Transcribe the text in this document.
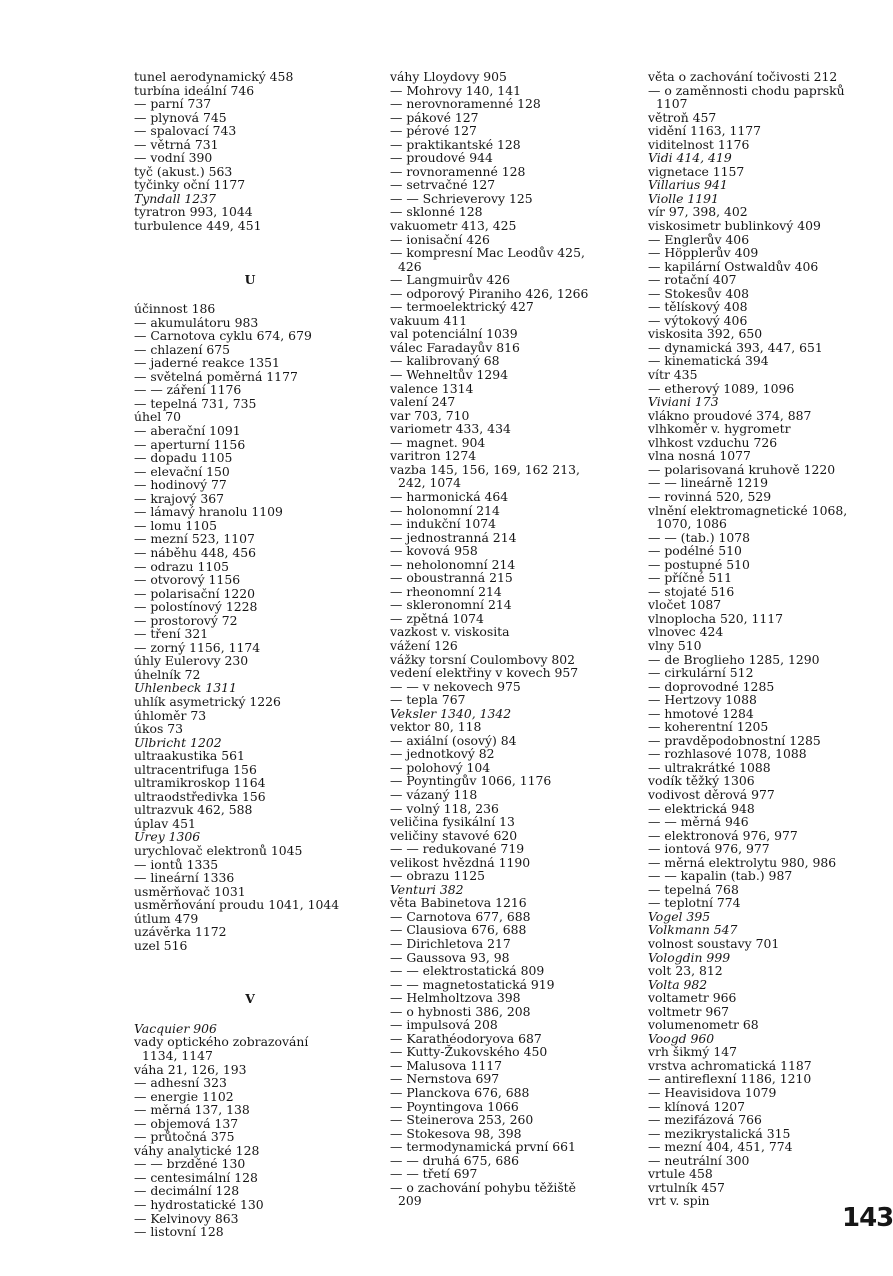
tunel aerodynamický 458
turbína ideální 746
— parní 737
— plynová 745
— spalovací 743
— větrná 731
— vodní 390
tyč (akust.) 563
tyčinky oční 1177
Tyndall 1237
tyratron 993, 1044
turbulence 449, 451
U
účinnost 186
— akumulátoru 983
— Carnotova cyklu 674, 679
— chlazení 675
— jaderné reakce 1351
— světelná poměrná 1177
— — záření 1176
— tepelná 731, 735
úhel 70
— aberační 1091
— aperturní 1156
— dopadu 1105
— elevační 150
— hodinový 77
— krajový 367
— lámavý hranolu 1109
— lomu 1105
— mezní 523, 1107
— náběhu 448, 456
— odrazu 1105
— otvorový 1156
— polarisační 1220
— polostínový 1228
— prostorový 72
— tření 321
— zorný 1156, 1174
úhly Eulerovy 230
úhelník 72
Uhlenbeck 1311
uhlík asymetrický 1226
úhloměr 73
úkos 73
Ulbricht 1202
ultraakustika 561
ultracentrifuga 156
ultramikroskop 1164
ultraodstředivka 156
ultrazvuk 462, 588
úplav 451
Urey 1306
urychlovač elektronů 1045
— iontů 1335
— lineární 1336
usměrňovač 1031
usměrňování proudu 1041, 1044
útlum 479
uzávěrka 1172
uzel 516
V
Vacquier 906
vady optického zobrazování
1134, 1147
váha 21, 126, 193
— adhesní 323
— energie 1102
— měrná 137, 138
— objemová 137
— průtočná 375
váhy analytické 128
— — brzděné 130
— centesimální 128
— decimální 128
— hydrostatické 130
— Kelvinovy 863
— listovní 128
váhy Lloydovy 905
— Mohrovy 140, 141
— nerovnoramenné 128
— pákové 127
— pérové 127
— praktikantské 128
— proudové 944
— rovnoramenné 128
— setrvačné 127
— — Schrieverovy 125
— sklonné 128
vakuometr 413, 425
— ionisační 426
— kompresní Mac Leodův 425,
426
— Langmuirův 426
— odporový Piraniho 426, 1266
— termoelektrický 427
vakuum 411
val potenciální 1039
válec Faradayův 816
— kalibrovaný 68
— Wehneltův 1294
valence 1314
valení 247
var 703, 710
variometr 433, 434
— magnet. 904
varitron 1274
vazba 145, 156, 169, 162 213,
242, 1074
— harmonická 464
— holonomní 214
— indukční 1074
— jednostranná 214
— kovová 958
— neholonomní 214
— oboustranná 215
— rheonomní 214
— skleronomní 214
— zpětná 1074
vazkost v. viskosita
vážení 126
vážky torsní Coulombovy 802
vedení elektřiny v kovech 957
— — v nekovech 975
— tepla 767
Veksler 1340, 1342
vektor 80, 118
— axiální (osový) 84
— jednotkový 82
— polohový 104
— Poyntingův 1066, 1176
— vázaný 118
— volný 118, 236
veličina fysikální 13
veličiny stavové 620
— — redukované 719
velikost hvězdná 1190
— obrazu 1125
Venturi 382
věta Babinetova 1216
— Carnotova 677, 688
— Clausiova 676, 688
— Dirichletova 217
— Gaussova 93, 98
— — elektrostatická 809
— — magnetostatická 919
— Helmholtzova 398
— o hybnosti 386, 208
— impulsová 208
— Karathéodoryova 687
— Kutty-Žukovského 450
— Malusova 1117
— Nernstova 697
— Planckova 676, 688
— Poyntingova 1066
— Steinerova 253, 260
— Stokesova 98, 398
— termodynamická první 661
— — druhá 675, 686
— — třetí 697
— o zachování pohybu těžiště
209
věta o zachování točivosti 212
— o zaměnnosti chodu paprsků
1107
větroň 457
vidění 1163, 1177
viditelnost 1176
Vidi 414, 419
vignetace 1157
Villarius 941
Violle 1191
vír 97, 398, 402
viskosimetr bublinkový 409
— Englerův 406
— Höpplerův 409
— kapilární Ostwaldův 406
— rotační 407
— Stokesův 408
— tělískový 408
— výtokový 406
viskosita 392, 650
— dynamická 393, 447, 651
— kinematická 394
vítr 435
— etherový 1089, 1096
Viviani 173
vlákno proudové 374, 887
vlhkoměr v. hygrometr
vlhkost vzduchu 726
vlna nosná 1077
— polarisovaná kruhově 1220
— — lineárně 1219
— rovinná 520, 529
vlnění elektromagnetické 1068,
1070, 1086
— — (tab.) 1078
— podélné 510
— postupné 510
— příčné 511
— stojaté 516
vločet 1087
vlnoplocha 520, 1117
vlnovec 424
vlny 510
— de Broglieho 1285, 1290
— cirkulární 512
— doprovodné 1285
— Hertzovy 1088
— hmotové 1284
— koherentní 1205
— pravděpodobnostní 1285
— rozhlasové 1078, 1088
— ultrakrátké 1088
vodík těžký 1306
vodivost děrová 977
— elektrická 948
— — měrná 946
— elektronová 976, 977
— iontová 976, 977
— měrná elektrolytu 980, 986
— — kapalin (tab.) 987
— tepelná 768
— teplotní 774
Vogel 395
Volkmann 547
volnost soustavy 701
Vologdin 999
volt 23, 812
Volta 982
voltametr 966
voltmetr 967
volumenometr 68
Voogd 960
vrh šikmý 147
vrstva achromatická 1187
— antireflexní 1186, 1210
— Heavisidova 1079
— klínová 1207
— mezifázová 766
— mezikrystalická 315
— mezní 404, 451, 774
— neutrální 300
vrtule 458
vrtulník 457
vrt v. spin
143
